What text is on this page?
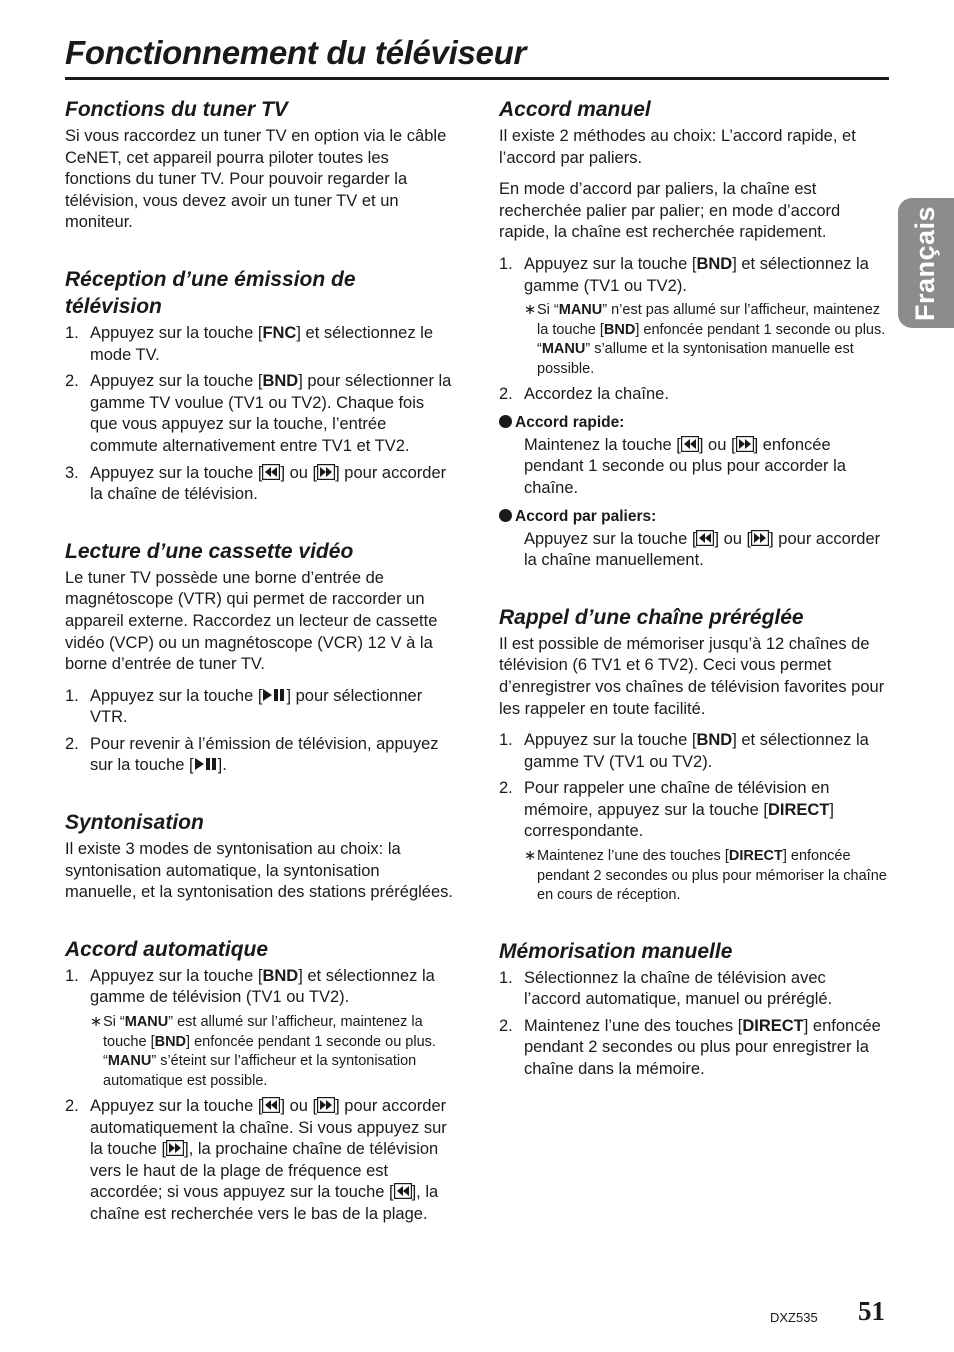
Fonctionnement du téléviseur
Français
Fonctions du tuner TV

Si vous raccordez un tuner TV en option via le câble CeNET, cet appareil pourra piloter toutes les fonctions du tuner TV. Pour pouvoir regarder la télévision, vous devez avoir un tuner TV et un moniteur.

Réception d’une émission de télévision
1. Appuyez sur la touche [FNC] et sélectionnez le mode TV.
2. Appuyez sur la touche [BND] pour sélectionner la gamme TV voulue (TV1 ou TV2). Chaque fois que vous appuyez sur la touche, l’entrée commute alternativement entre TV1 et TV2.
3. Appuyez sur la touche [ ] ou [ ] pour accorder la chaîne de télévision.
Lecture d’une cassette vidéo

Le tuner TV possède une borne d’entrée de magnétoscope (VTR) qui permet de raccorder un appareil externe. Raccordez un lecteur de cassette vidéo (VCP) ou un magnétoscope (VCR) 12 V à la borne d’entrée de tuner TV.

1. Appuyez sur la touche [ ] pour sélectionner VTR.
2. Pour revenir à l’émission de télévision, appuyez sur la touche [ ].
Syntonisation

Il existe 3 modes de syntonisation au choix: la syntonisation automatique, la syntonisation manuelle, et la syntonisation des stations préréglées.

Accord automatique
1. Appuyez sur la touche [BND] et sélectionnez la gamme de télévision (TV1 ou TV2).
∗ Si “MANU” est allumé sur l’afficheur, maintenez la touche [BND] enfoncée pendant 1 seconde ou plus. “MANU” s’éteint sur l’afficheur et la syntonisation automatique est possible.
2. Appuyez sur la touche [ ] ou [ ] pour accorder automatiquement la chaîne. Si vous appuyez sur la touche [ ], la prochaine chaîne de télévision vers le haut de la plage de fréquence est accordée; si vous appuyez sur la touche [ ], la chaîne est recherchée vers le bas de la plage.
Accord manuel

Il existe 2 méthodes au choix: L’accord rapide, et l’accord par paliers.

En mode d’accord par paliers, la chaîne est recherchée palier par palier; en mode d’accord rapide, la chaîne est recherchée rapidement.

1. Appuyez sur la touche [BND] et sélectionnez la gamme (TV1 ou TV2).
∗ Si “MANU” n’est pas allumé sur l’afficheur, maintenez la touche [BND] enfoncée pendant 1 seconde ou plus. “MANU” s’allume et la syntonisation manuelle est possible.
2. Accordez la chaîne.
Accord rapide:
Maintenez la touche [ ] ou [ ] enfoncée pendant 1 seconde ou plus pour accorder la chaîne.
Accord par paliers:
Appuyez sur la touche [ ] ou [ ] pour accorder la chaîne manuellement.
Rappel d’une chaîne préréglée

Il est possible de mémoriser jusqu’à 12 chaînes de télévision (6 TV1 et 6 TV2). Ceci vous permet d’enregistrer vos chaînes de télévision favorites pour les rappeler en toute facilité.

1. Appuyez sur la touche [BND] et sélectionnez la gamme TV (TV1 ou TV2).
2. Pour rappeler une chaîne de télévision en mémoire, appuyez sur la touche [DIRECT] correspondante.
∗ Maintenez l’une des touches [DIRECT] enfoncée pendant 2 secondes ou plus pour mémoriser la chaîne en cours de réception.
Mémorisation manuelle
1. Sélectionnez la chaîne de télévision avec l’accord automatique, manuel ou préréglé.
2. Maintenez l’une des touches [DIRECT] enfoncée pendant 2 secondes ou plus pour enregistrer la chaîne dans la mémoire.
DXZ535 51
